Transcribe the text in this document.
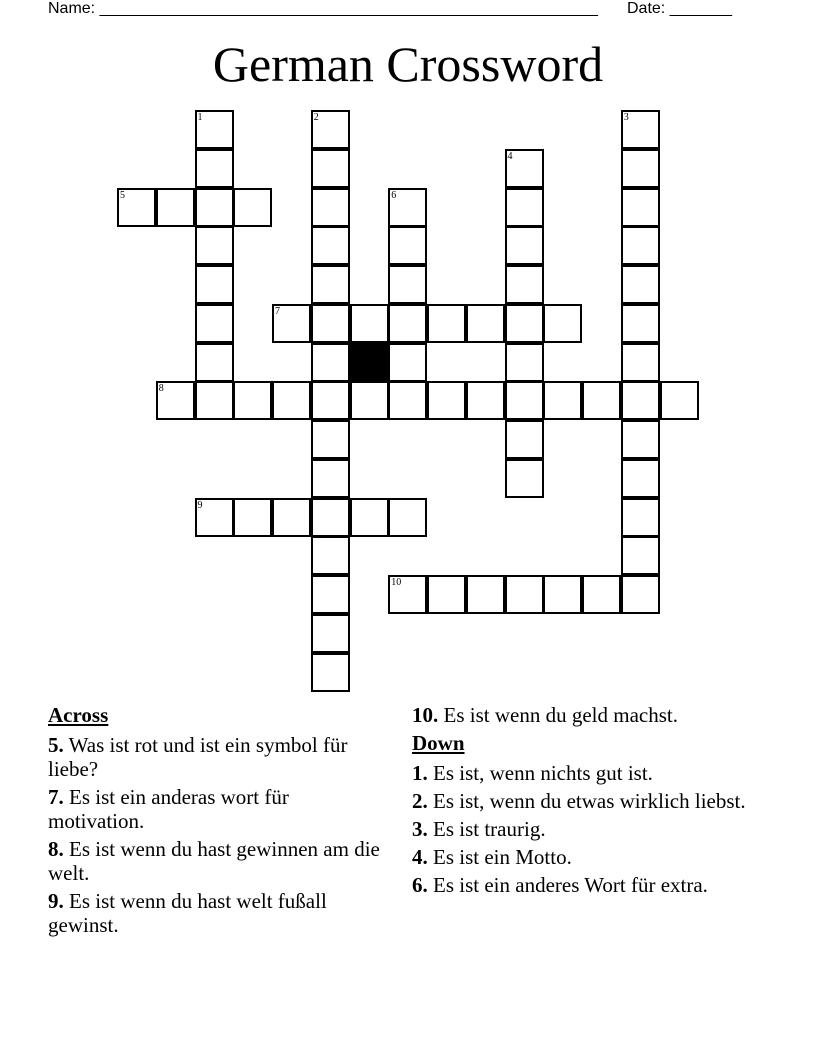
Name: ________________________________________________________ Date: _______
German Crossword
1	2	3
4
5	6
7
8
9
10
Across
5. Was ist rot und ist ein symbol für liebe?
7. Es ist ein anderas wort für motivation.
8. Es ist wenn du hast gewinnen am die welt.
9. Es ist wenn du hast welt fußall gewinst.
10. Es ist wenn du geld machst.
Down
1. Es ist, wenn nichts gut ist.
2. Es ist, wenn du etwas wirklich liebst.
3. Es ist traurig.
4. Es ist ein Motto.
6. Es ist ein anderes Wort für extra.
